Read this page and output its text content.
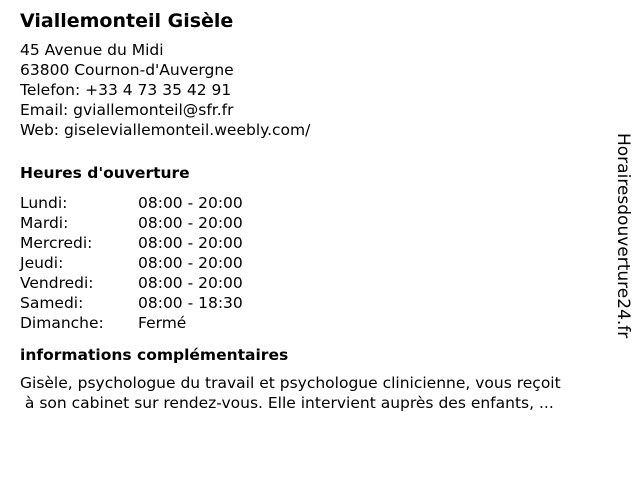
Viallemonteil Gisèle
45 Avenue du Midi
63800 Cournon-d'Auvergne
Telefon: +33 4 73 35 42 91
Email: gviallemonteil@sfr.fr
Web: giseleviallemonteil.weebly.com/
Heures d'ouverture
Lundi:	08:00 - 20:00
Mardi:	08:00 - 20:00
Mercredi:	08:00 - 20:00
Jeudi:	08:00 - 20:00
Vendredi:	08:00 - 20:00
Samedi:	08:00 - 18:30
Dimanche:	Fermé
informations complémentaires
Gisèle, psychologue du travail et psychologue clinicienne, vous reçoit
à son cabinet sur rendez-vous. Elle intervient auprès des enfants, ...
Horairesdouverture24.fr
